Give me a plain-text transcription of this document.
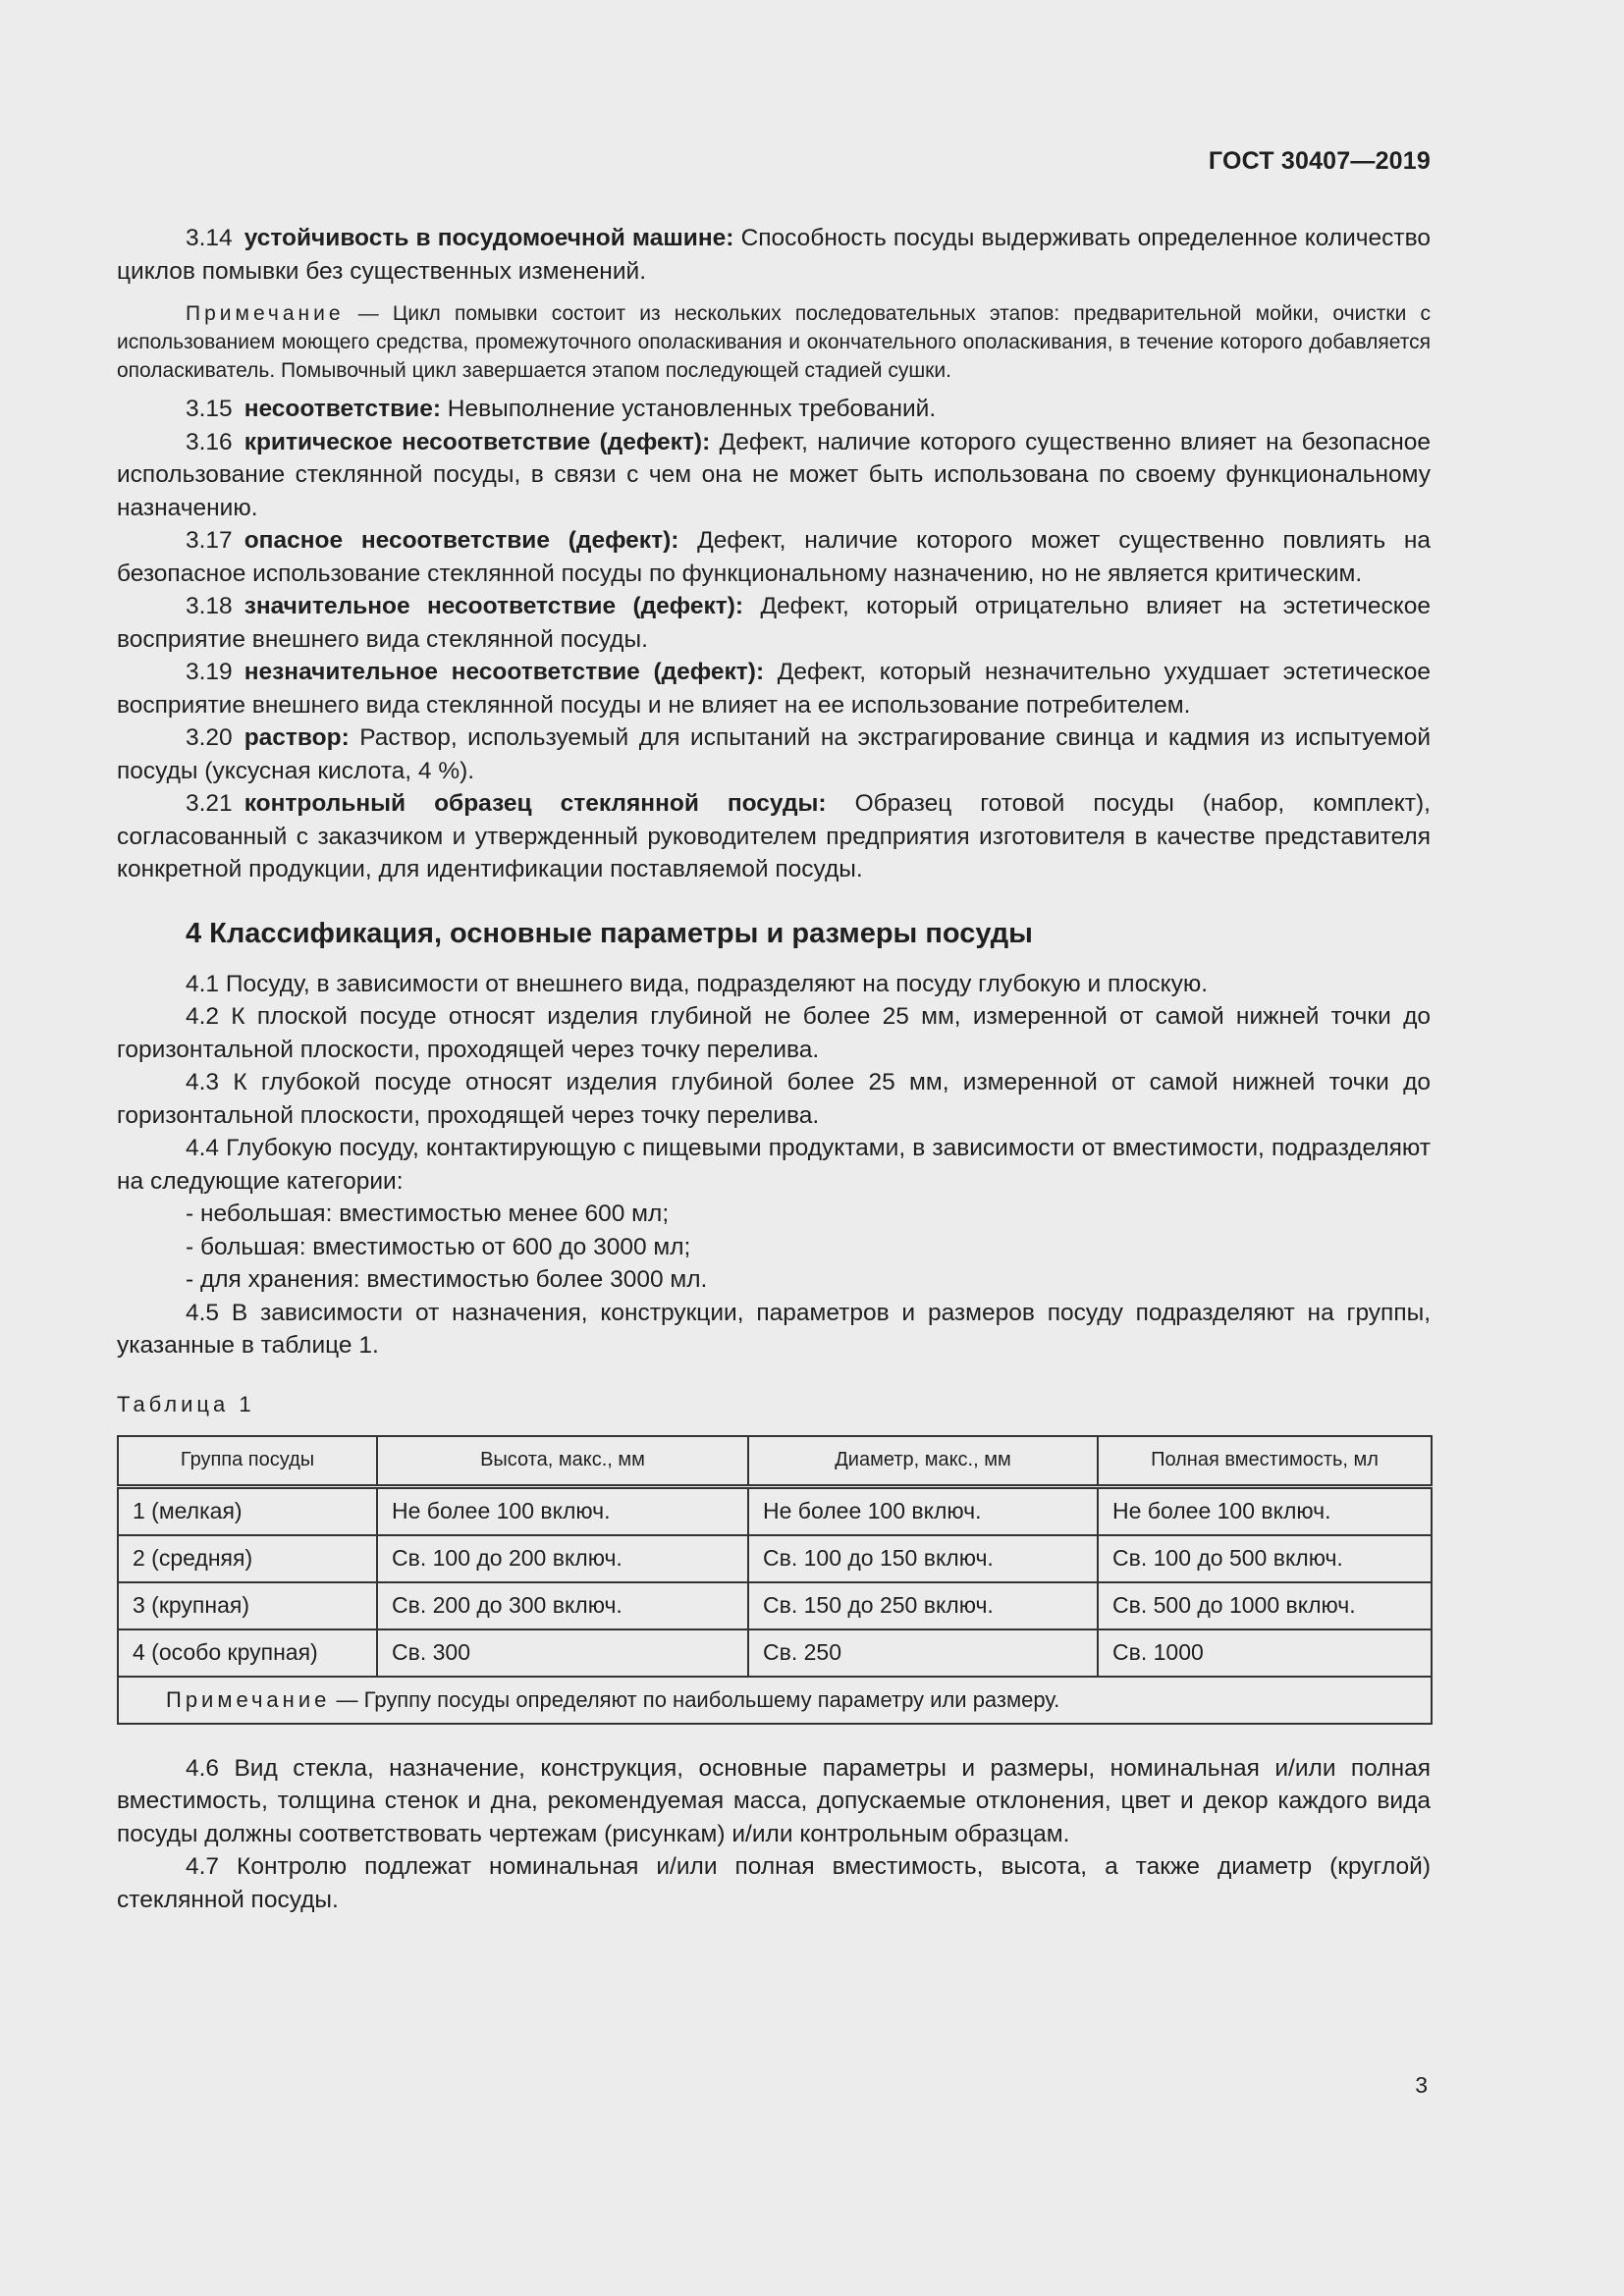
ГОСТ 30407—2019

3.14 устойчивость в посудомоечной машине: Способность посуды выдерживать определенное количество циклов помывки без существенных изменений.

Примечание — Цикл помывки состоит из нескольких последовательных этапов: предварительной мойки, очистки с использованием моющего средства, промежуточного ополаскивания и окончательного ополаскивания, в течение которого добавляется ополаскиватель. Помывочный цикл завершается этапом последующей стадией сушки.

3.15 несоответствие: Невыполнение установленных требований.

3.16 критическое несоответствие (дефект): Дефект, наличие которого существенно влияет на безопасное использование стеклянной посуды, в связи с чем она не может быть использована по своему функциональному назначению.

3.17 опасное несоответствие (дефект): Дефект, наличие которого может существенно повлиять на безопасное использование стеклянной посуды по функциональному назначению, но не является критическим.

3.18 значительное несоответствие (дефект): Дефект, который отрицательно влияет на эстетическое восприятие внешнего вида стеклянной посуды.

3.19 незначительное несоответствие (дефект): Дефект, который незначительно ухудшает эстетическое восприятие внешнего вида стеклянной посуды и не влияет на ее использование потребителем.

3.20 раствор: Раствор, используемый для испытаний на экстрагирование свинца и кадмия из испытуемой посуды (уксусная кислота, 4 %).

3.21 контрольный образец стеклянной посуды: Образец готовой посуды (набор, комплект), согласованный с заказчиком и утвержденный руководителем предприятия изготовителя в качестве представителя конкретной продукции, для идентификации поставляемой посуды.

4 Классификация, основные параметры и размеры посуды

4.1 Посуду, в зависимости от внешнего вида, подразделяют на посуду глубокую и плоскую.

4.2 К плоской посуде относят изделия глубиной не более 25 мм, измеренной от самой нижней точки до горизонтальной плоскости, проходящей через точку перелива.

4.3 К глубокой посуде относят изделия глубиной более 25 мм, измеренной от самой нижней точки до горизонтальной плоскости, проходящей через точку перелива.

4.4 Глубокую посуду, контактирующую с пищевыми продуктами, в зависимости от вместимости, подразделяют на следующие категории:

- небольшая: вместимостью менее 600 мл;

- большая: вместимостью от 600 до 3000 мл;

- для хранения: вместимостью более 3000 мл.

4.5 В зависимости от назначения, конструкции, параметров и размеров посуду подразделяют на группы, указанные в таблице 1.

Таблица 1
Группа посуды	Высота, макс., мм	Диаметр, макс., мм	Полная вместимость, мл
1 (мелкая)	Не более 100 включ.	Не более 100 включ.	Не более 100 включ.
2 (средняя)	Св. 100 до 200 включ.	Св. 100 до 150 включ.	Св. 100 до 500 включ.
3 (крупная)	Св. 200 до 300 включ.	Св. 150 до 250 включ.	Св. 500 до 1000 включ.
4 (особо крупная)	Св. 300	Св. 250	Св. 1000
Примечание — Группу посуды определяют по наибольшему параметру или размеру.			

4.6 Вид стекла, назначение, конструкция, основные параметры и размеры, номинальная и/или полная вместимость, толщина стенок и дна, рекомендуемая масса, допускаемые отклонения, цвет и декор каждого вида посуды должны соответствовать чертежам (рисункам) и/или контрольным образцам.

4.7 Контролю подлежат номинальная и/или полная вместимость, высота, а также диаметр (круглой) стеклянной посуды.

3
